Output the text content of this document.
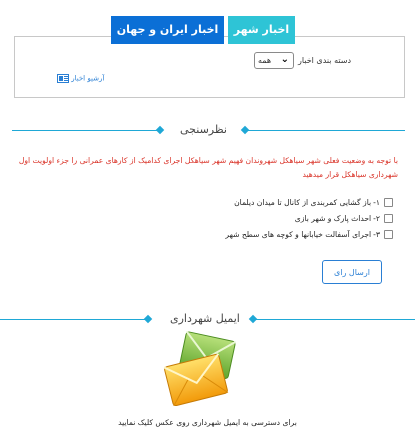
اخبار شهر
اخبار ایران و جهان
دسته بندی اخبار
همه ⌄
آرشیو اخبار
نظرسنجی
با توجه به وضعیت فعلی شهر سیاهکل شهروندان فهیم شهر سیاهکل اجرای کدامیک از کارهای عمرانی را جزء اولویت اول شهرداری سیاهکل قرار میدهید
۱-
باز گشایی کمربندی از کانال تا میدان دیلمان
۲-
احداث پارک و شهر بازی
۳-
اجرای آسفالت خیابانها و کوچه های سطح شهر
ارسال رای
ایمیل شهرداری
برای دسترسی به ایمیل شهرداری روی عکس کلیک نمایید
